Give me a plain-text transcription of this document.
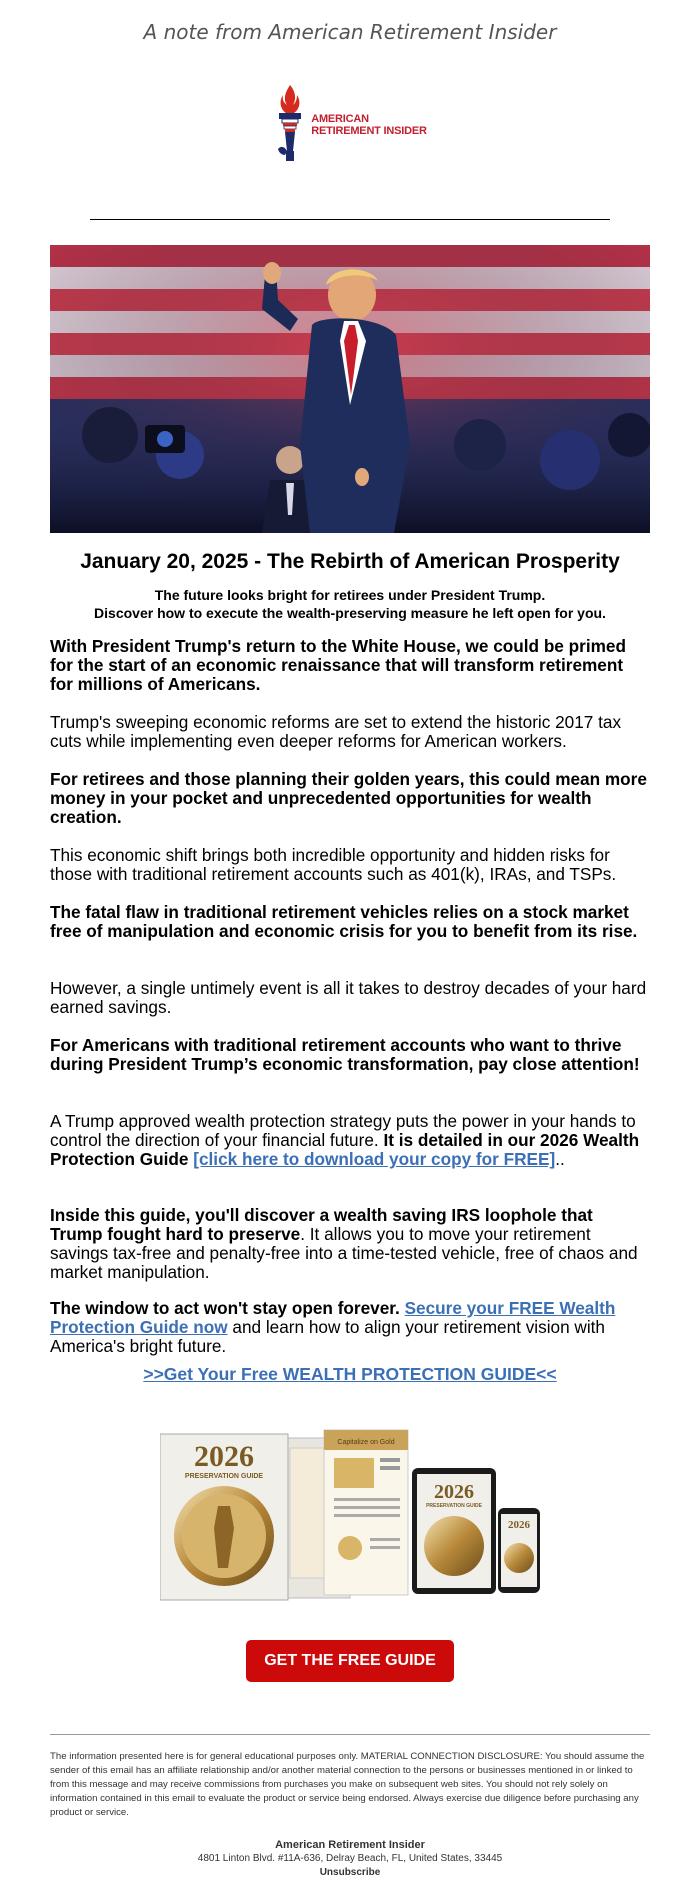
A note from American Retirement Insider
AMERICAN
RETIREMENT INSIDER
January 20, 2025 - The Rebirth of American Prosperity
The future looks bright for retirees under President Trump.
Discover how to execute the wealth-preserving measure he left open for you.
With President Trump's return to the White House, we could be primed for the start of an economic renaissance that will transform retirement for millions of Americans.
Trump's sweeping economic reforms are set to extend the historic 2017 tax cuts while implementing even deeper reforms for American workers.
For retirees and those planning their golden years, this could mean more money in your pocket and unprecedented opportunities for wealth creation.
This economic shift brings both incredible opportunity and hidden risks for those with traditional retirement accounts such as 401(k), IRAs, and TSPs.
The fatal flaw in traditional retirement vehicles relies on a stock market free of manipulation and economic crisis for you to benefit from its rise.
However, a single untimely event is all it takes to destroy decades of your hard earned savings.
For Americans with traditional retirement accounts who want to thrive during President Trump’s economic transformation, pay close attention!
A Trump approved wealth protection strategy puts the power in your hands to control the direction of your financial future. It is detailed in our 2026 Wealth Protection Guide [click here to download your copy for FREE]..
Inside this guide, you'll discover a wealth saving IRS loophole that Trump fought hard to preserve. It allows you to move your retirement savings tax-free and penalty-free into a time-tested vehicle, free of chaos and market manipulation.
The window to act won't stay open forever. Secure your FREE Wealth Protection Guide now and learn how to align your retirement vision with America's bright future.
>>Get Your Free WEALTH PROTECTION GUIDE<<
Capitalize on Gold
2026
PRESERVATION GUIDE
2026
PRESERVATION GUIDE
2026
GET THE FREE GUIDE
The information presented here is for general educational purposes only. MATERIAL CONNECTION DISCLOSURE: You should assume the sender of this email has an affiliate relationship and/or another material connection to the persons or businesses mentioned in or linked to from this message and may receive commissions from purchases you make on subsequent web sites. You should not rely solely on information contained in this email to evaluate the product or service being endorsed. Always exercise due diligence before purchasing any product or service.
American Retirement Insider
4801 Linton Blvd. #11A-636, Delray Beach, FL, United States, 33445
Unsubscribe
